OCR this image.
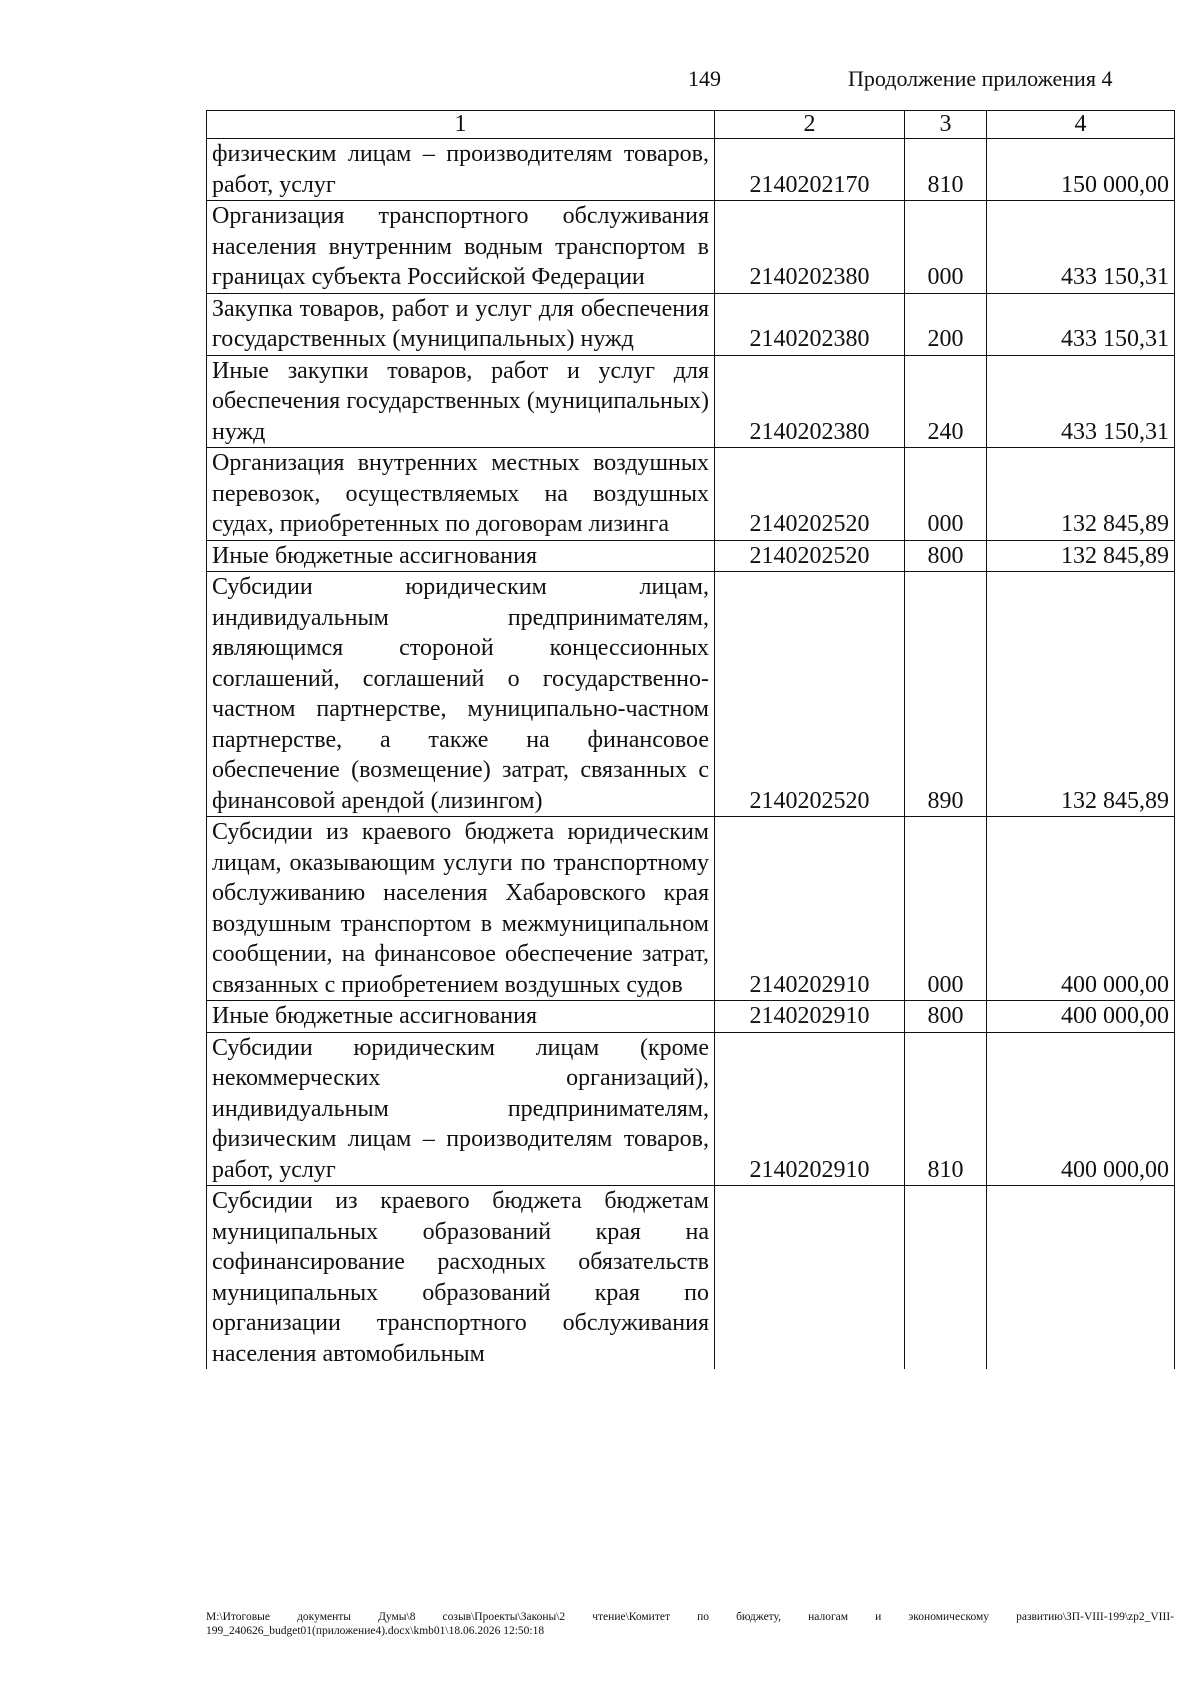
149	Продолжение приложения 4
1	2	3	4
физическим лицам – производителям товаров, работ, услуг	2140202170	810	150 000,00
Организация транспортного обслуживания населения внутренним водным транспортом в границах субъекта Российской Федерации	2140202380	000	433 150,31
Закупка товаров, работ и услуг для обеспечения государственных (муниципальных) нужд	2140202380	200	433 150,31
Иные закупки товаров, работ и услуг для обеспечения государственных (муниципальных) нужд	2140202380	240	433 150,31
Организация внутренних местных воздушных перевозок, осуществляемых на воздушных судах, приобретенных по договорам лизинга	2140202520	000	132 845,89
Иные бюджетные ассигнования	2140202520	800	132 845,89
Субсидии юридическим лицам, индивидуальным предпринимателям, являющимся стороной концессионных соглашений, соглашений о государственно-частном партнерстве, муниципально-частном партнерстве, а также на финансовое обеспечение (возмещение) затрат, связанных с финансовой арендой (лизингом)	2140202520	890	132 845,89
Субсидии из краевого бюджета юридическим лицам, оказывающим услуги по транспортному обслуживанию населения Хабаровского края воздушным транспортом в межмуниципальном сообщении, на финансовое обеспечение затрат, связанных с приобретением воздушных судов	2140202910	000	400 000,00
Иные бюджетные ассигнования	2140202910	800	400 000,00
Субсидии юридическим лицам (кроме некоммерческих организаций), индивидуальным предпринимателям, физическим лицам – производителям товаров, работ, услуг	2140202910	810	400 000,00
Субсидии из краевого бюджета бюджетам муниципальных образований края на софинансирование расходных обязательств муниципальных образований края по организации транспортного обслуживания населения автомобильным			
М:\Итоговые документы Думы\8 созыв\Проекты\Законы\2 чтение\Комитет по бюджету, налогам и экономическому развитию\ЗП-VIII-199\zp2_VIII-199_240626_budget01(приложение4).docx\kmb01\18.06.2026 12:50:18
